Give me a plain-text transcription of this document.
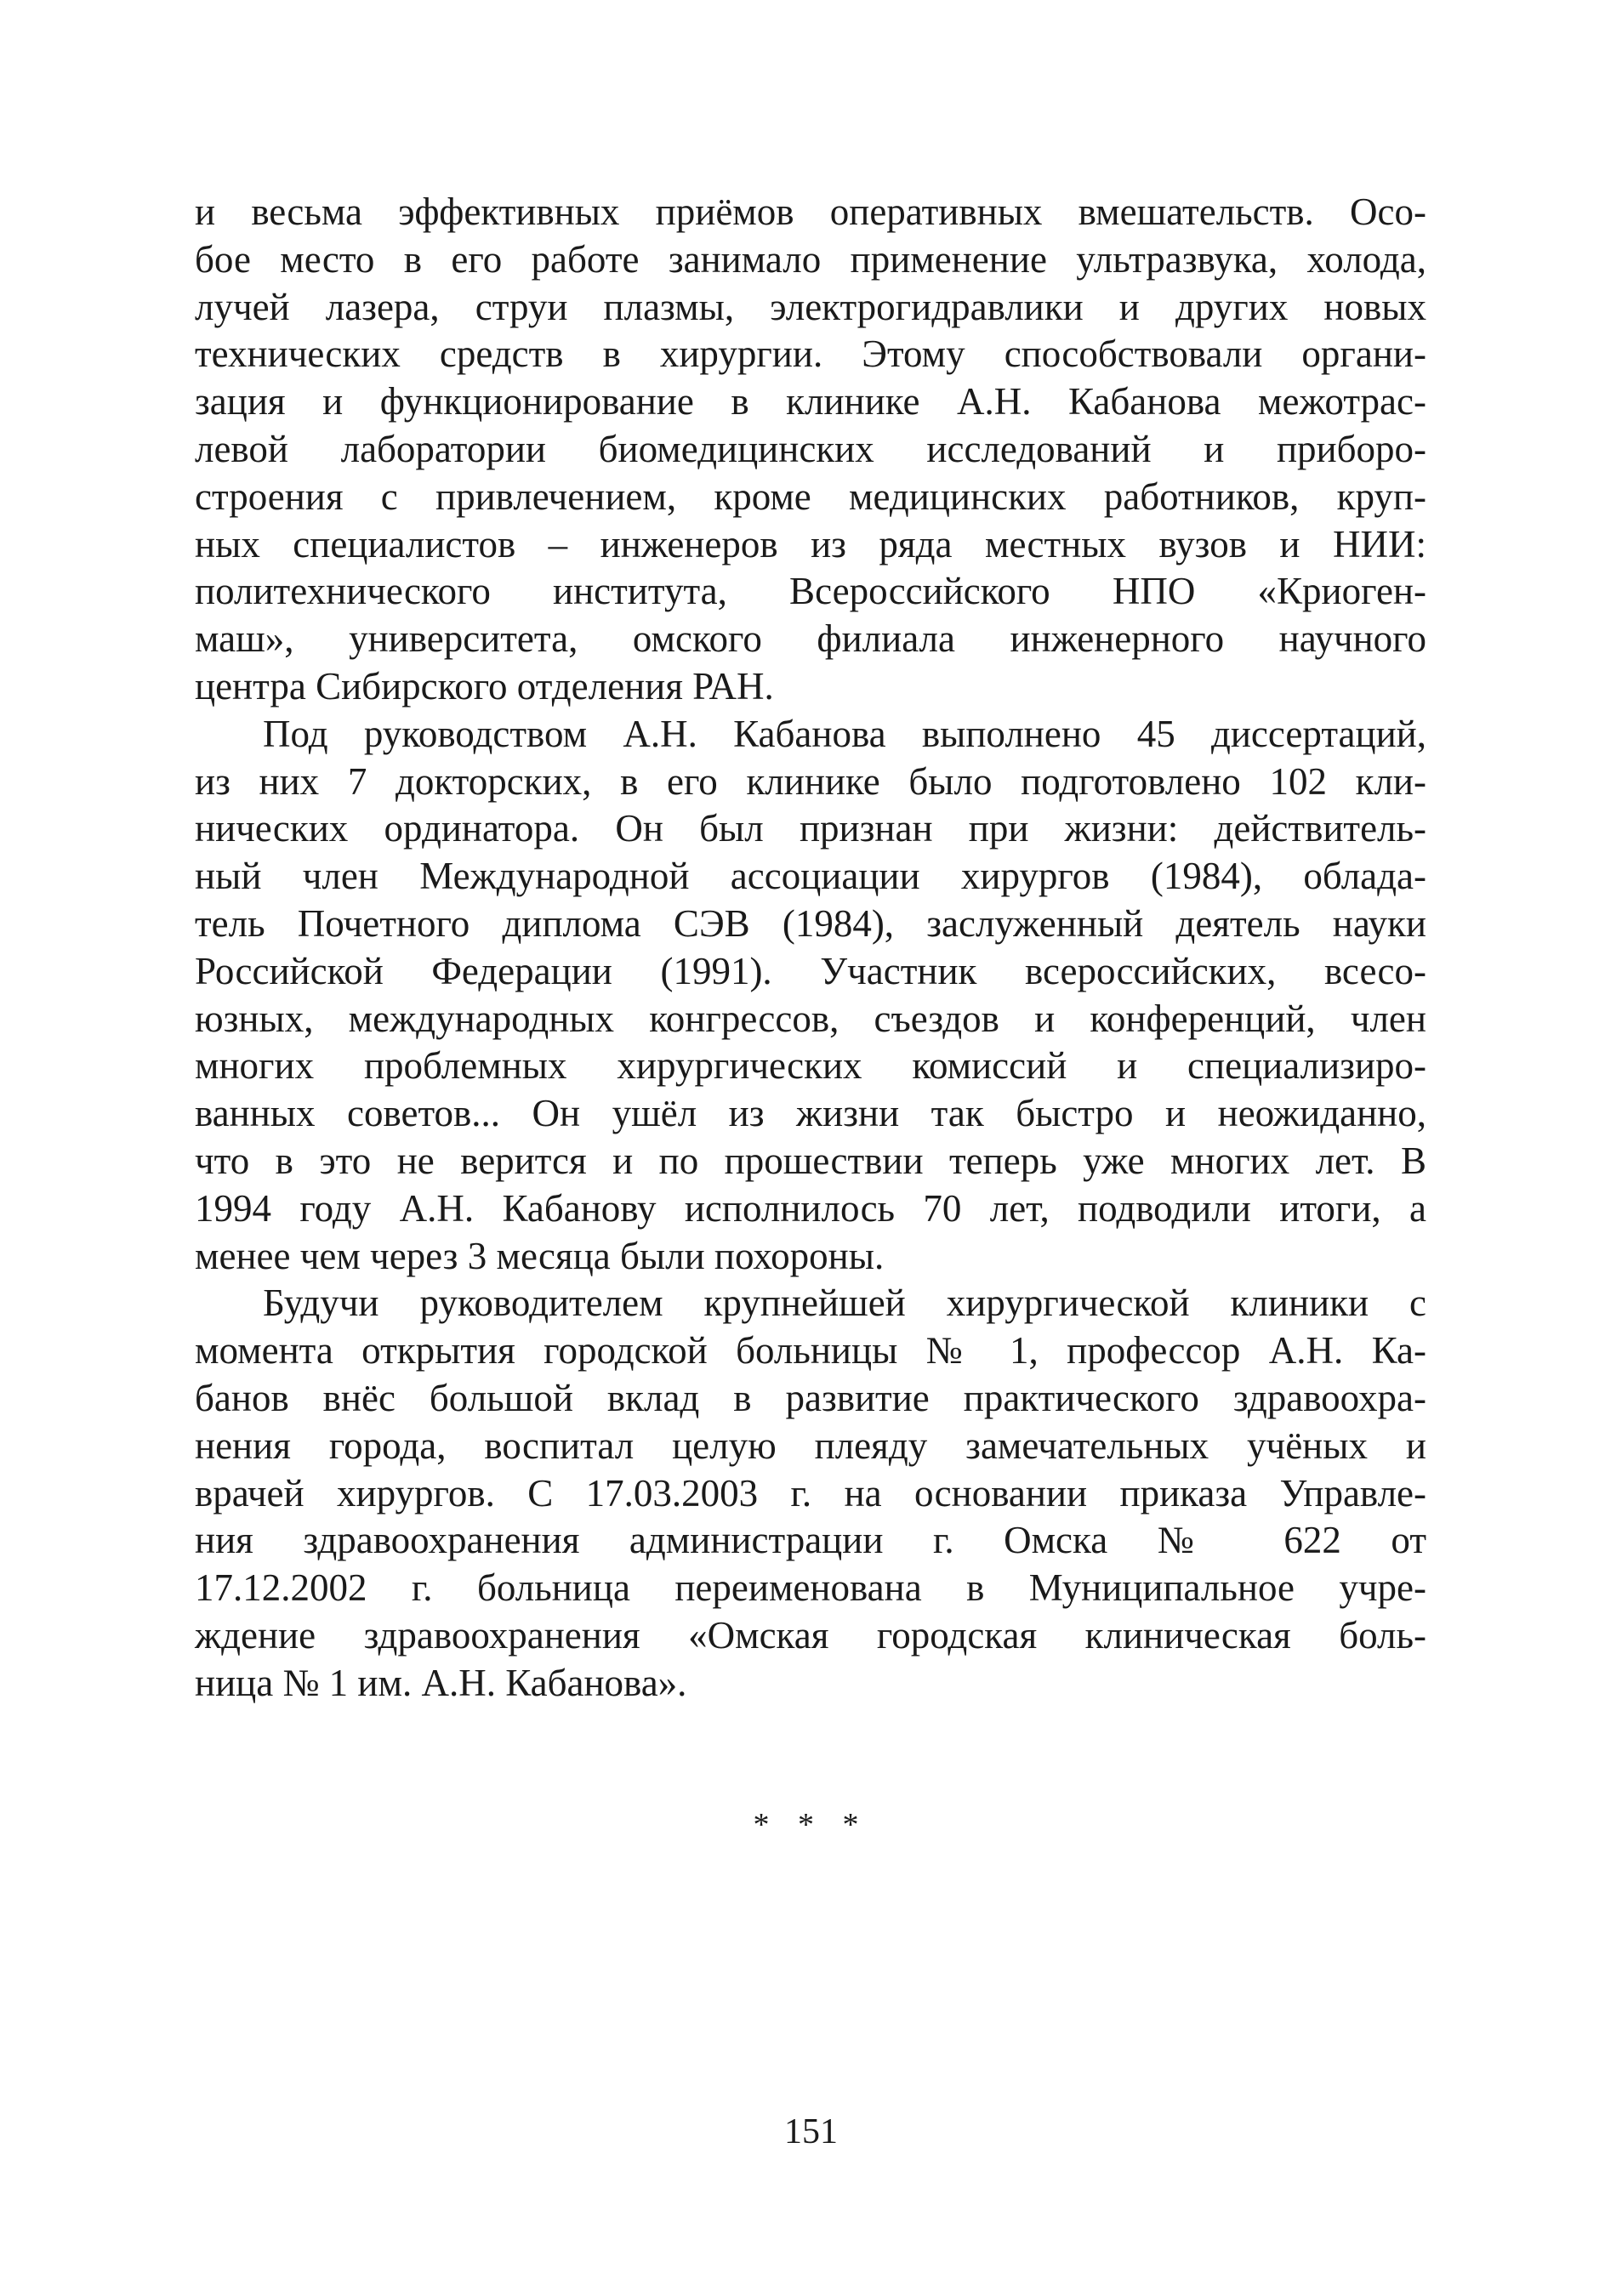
и весьма эффективных приёмов оперативных вмешательств. Осо-
бое место в его работе занимало применение ультразвука, холода,
лучей лазера, струи плазмы, электрогидравлики и других новых
технических средств в хирургии. Этому способствовали органи-
зация и функционирование в клинике А.Н. Кабанова межотрас-
левой лаборатории биомедицинских исследований и приборо-
строения с привлечением, кроме медицинских работников, круп-
ных специалистов – инженеров из ряда местных вузов и НИИ:
политехнического института, Всероссийского НПО «Криоген-
маш», университета, омского филиала инженерного научного
центра Сибирского отделения РАН.
Под руководством А.Н. Кабанова выполнено 45 диссертаций,
из них 7 докторских, в его клинике было подготовлено 102 кли-
нических ординатора. Он был признан при жизни: действитель-
ный член Международной ассоциации хирургов (1984), облада-
тель Почетного диплома СЭВ (1984), заслуженный деятель науки
Российской Федерации (1991). Участник всероссийских, всесо-
юзных, международных конгрессов, съездов и конференций, член
многих проблемных хирургических комиссий и специализиро-
ванных советов... Он ушёл из жизни так быстро и неожиданно,
что в это не верится и по прошествии теперь уже многих лет. В
1994 году А.Н. Кабанову исполнилось 70 лет, подводили итоги, а
менее чем через 3 месяца были похороны.
Будучи руководителем крупнейшей хирургической клиники с
момента открытия городской больницы № 1, профессор А.Н. Ка-
банов внёс большой вклад в развитие практического здравоохра-
нения города, воспитал целую плеяду замечательных учёных и
врачей хирургов. С 17.03.2003 г. на основании приказа Управле-
ния здравоохранения администрации г. Омска № 622 от
17.12.2002 г. больница переименована в Муниципальное учре-
ждение здравоохранения «Омская городская клиническая боль-
ница № 1 им. А.Н. Кабанова».
* * *
151
